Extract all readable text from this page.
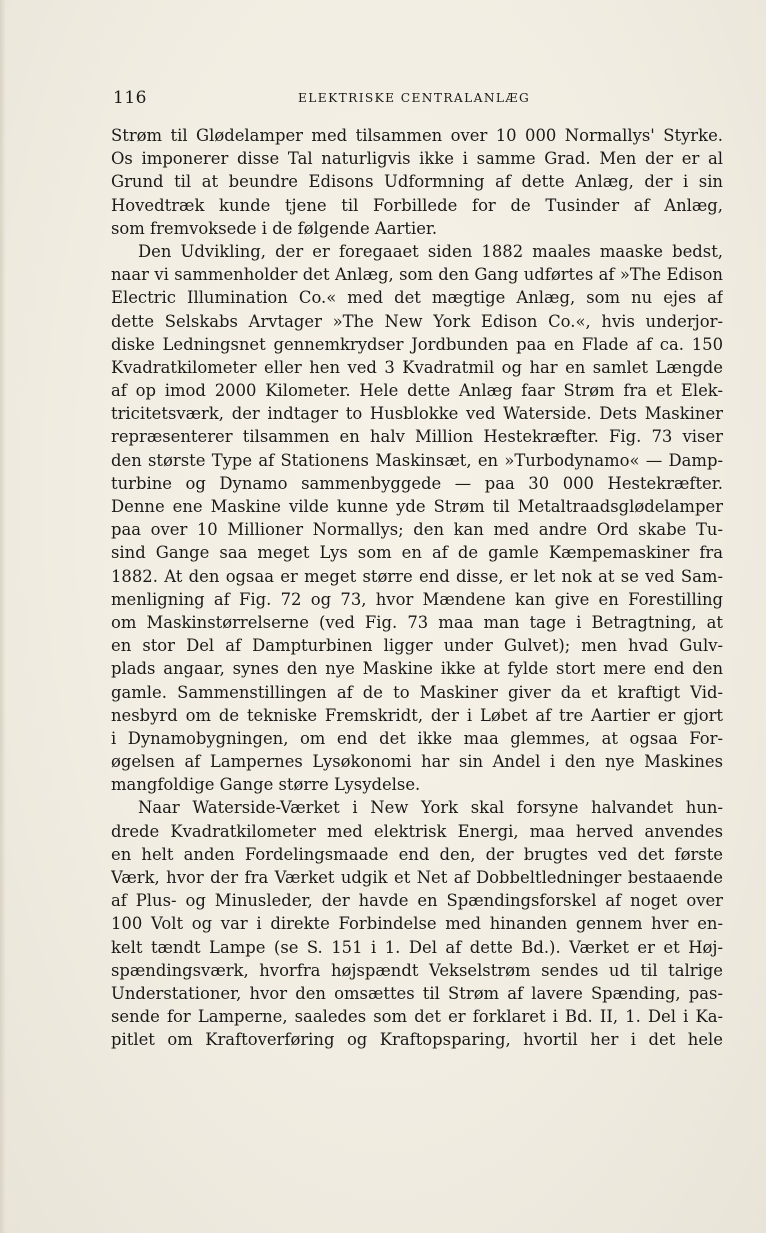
116	ELEKTRISKE CENTRALANLÆG
Strøm til Glødelamper med tilsammen over 10 000 Normallys' Styrke.
Os imponerer disse Tal naturligvis ikke i samme Grad. Men der er al
Grund til at beundre Edisons Udformning af dette Anlæg, der i sin
Hovedtræk kunde tjene til Forbillede for de Tusinder af Anlæg,
som fremvoksede i de følgende Aartier.
Den Udvikling, der er foregaaet siden 1882 maales maaske bedst,
naar vi sammenholder det Anlæg, som den Gang udførtes af »The Edison
Electric Illumination Co.« med det mægtige Anlæg, som nu ejes af
dette Selskabs Arvtager »The New York Edison Co.«, hvis underjor-
diske Ledningsnet gennemkrydser Jordbunden paa en Flade af ca. 150
Kvadratkilometer eller hen ved 3 Kvadratmil og har en samlet Længde
af op imod 2000 Kilometer. Hele dette Anlæg faar Strøm fra et Elek-
tricitetsværk, der indtager to Husblokke ved Waterside. Dets Maskiner
repræsenterer tilsammen en halv Million Hestekræfter. Fig. 73 viser
den største Type af Stationens Maskinsæt, en »Turbodynamo« — Damp-
turbine og Dynamo sammenbyggede — paa 30 000 Hestekræfter.
Denne ene Maskine vilde kunne yde Strøm til Metaltraadsglødelamper
paa over 10 Millioner Normallys; den kan med andre Ord skabe Tu-
sind Gange saa meget Lys som en af de gamle Kæmpemaskiner fra
1882. At den ogsaa er meget større end disse, er let nok at se ved Sam-
menligning af Fig. 72 og 73, hvor Mændene kan give en Forestilling
om Maskinstørrelserne (ved Fig. 73 maa man tage i Betragtning, at
en stor Del af Dampturbinen ligger under Gulvet); men hvad Gulv-
plads angaar, synes den nye Maskine ikke at fylde stort mere end den
gamle. Sammenstillingen af de to Maskiner giver da et kraftigt Vid-
nesbyrd om de tekniske Fremskridt, der i Løbet af tre Aartier er gjort
i Dynamobygningen, om end det ikke maa glemmes, at ogsaa For-
øgelsen af Lampernes Lysøkonomi har sin Andel i den nye Maskines
mangfoldige Gange større Lysydelse.
Naar Waterside-Værket i New York skal forsyne halvandet hun-
drede Kvadratkilometer med elektrisk Energi, maa herved anvendes
en helt anden Fordelingsmaade end den, der brugtes ved det første
Værk, hvor der fra Værket udgik et Net af Dobbeltledninger bestaaende
af Plus- og Minusleder, der havde en Spændingsforskel af noget over
100 Volt og var i direkte Forbindelse med hinanden gennem hver en-
kelt tændt Lampe (se S. 151 i 1. Del af dette Bd.). Værket er et Høj-
spændingsværk, hvorfra højspændt Vekselstrøm sendes ud til talrige
Understationer, hvor den omsættes til Strøm af lavere Spænding, pas-
sende for Lamperne, saaledes som det er forklaret i Bd. II, 1. Del i Ka-
pitlet om Kraftoverføring og Kraftopsparing, hvortil her i det hele
